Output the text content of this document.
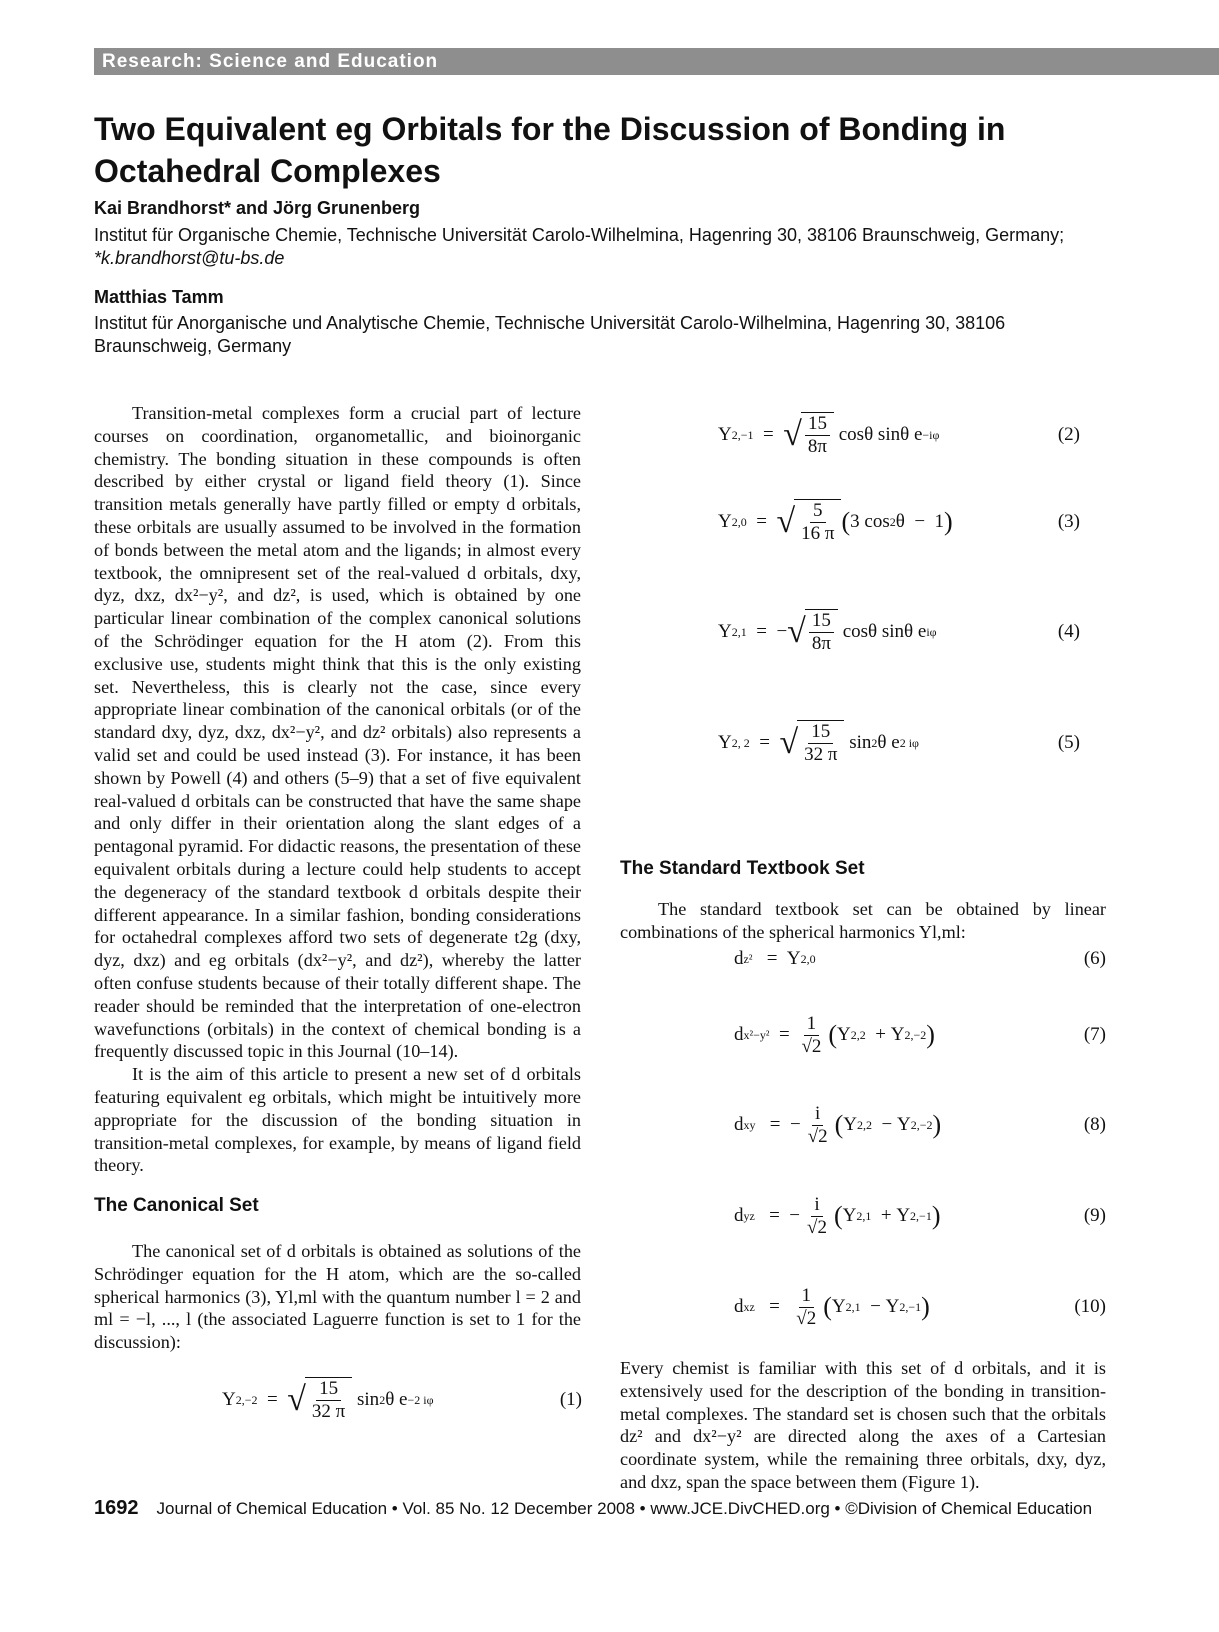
Research: Science and Education
Two Equivalent eg Orbitals for the Discussion of Bonding in Octahedral Complexes
Kai Brandhorst* and Jörg Grunenberg
Institut für Organische Chemie, Technische Universität Carolo-Wilhelmina, Hagenring 30, 38106 Braunschweig, Germany;
*k.brandhorst@tu-bs.de
Matthias Tamm
Institut für Anorganische und Analytische Chemie, Technische Universität Carolo-Wilhelmina, Hagenring 30, 38106 Braunschweig, Germany

Transition-metal complexes form a crucial part of lecture courses on coordination, organometallic, and bioinorganic chemistry. The bonding situation in these compounds is often described by either crystal or ligand field theory (1). Since transition metals generally have partly filled or empty d orbitals, these orbitals are usually assumed to be involved in the formation of bonds between the metal atom and the ligands; in almost every textbook, the omnipresent set of the real-valued d orbitals, dxy, dyz, dxz, dx²−y², and dz², is used, which is obtained by one particular linear combination of the complex canonical solutions of the Schrödinger equation for the H atom (2). From this exclusive use, students might think that this is the only existing set. Nevertheless, this is clearly not the case, since every appropriate linear combination of the canonical orbitals (or of the standard dxy, dyz, dxz, dx²−y², and dz² orbitals) also represents a valid set and could be used instead (3). For instance, it has been shown by Powell (4) and others (5–9) that a set of five equivalent real-valued d orbitals can be constructed that have the same shape and only differ in their orientation along the slant edges of a pentagonal pyramid. For didactic reasons, the presentation of these equivalent orbitals during a lecture could help students to accept the degeneracy of the standard textbook d orbitals despite their different appearance. In a similar fashion, bonding considerations for octahedral complexes afford two sets of degenerate t2g (dxy, dyz, dxz) and eg orbitals (dx²−y², and dz²), whereby the latter often confuse students because of their totally different shape. The reader should be reminded that the interpretation of one-electron wavefunctions (orbitals) in the context of chemical bonding is a frequently discussed topic in this Journal (10–14).

It is the aim of this article to present a new set of d orbitals featuring equivalent eg orbitals, which might be intuitively more appropriate for the discussion of the bonding situation in transition-metal complexes, for example, by means of ligand field theory.

The Canonical Set

The canonical set of d orbitals is obtained as solutions of the Schrödinger equation for the H atom, which are the so-called spherical harmonics (3), Yl,ml with the quantum number l = 2 and ml = −l, ..., l (the associated Laguerre function is set to 1 for the discussion):

Y 2,−2 = √ $\frac{15}{32 \pi}$ sin 2 θ e −2 iφ	(1)
Y 2,−1 = √ $\frac{15}{8\pi}$ cosθ sinθ e −iφ	(2)
Y 2,0 = √ $\frac{5}{16 \pi}$ ( 3 cos 2 θ  −  1 )	(3)
Y 2,1 =  − √ $\frac{15}{8\pi}$ cosθ sinθ e iφ	(4)
Y 2, 2 = √ $\frac{15}{32 \pi}$ sin 2 θ e 2 iφ	(5)
The Standard Textbook Set

The standard textbook set can be obtained by linear combinations of the spherical harmonics Yl,ml:

d z² =  Y 2,0	(6)
d $x^2-y^2 = \frac{1}{√2}$ ( Y 2,2 + Y 2,−2 )	(7)
d xy =  − $\frac{i}{√2}$ ( Y 2,2 − Y 2,−2 )	(8)
d yz =  − $\frac{i}{√2}$ ( Y 2,1 + Y 2,−1 )	(9)
d xz = $\frac{1}{√2}$ ( Y 2,1 − Y 2,−1 )	(10)

Every chemist is familiar with this set of d orbitals, and it is extensively used for the description of the bonding in transition-metal complexes. The standard set is chosen such that the orbitals dz² and dx²−y² are directed along the axes of a Cartesian coordinate system, while the remaining three orbitals, dxy, dyz, and dxz, span the space between them (Figure 1).

1692 Journal of Chemical Education • Vol. 85 No. 12 December 2008 • www.JCE.DivCHED.org • ©Division of Chemical Education
